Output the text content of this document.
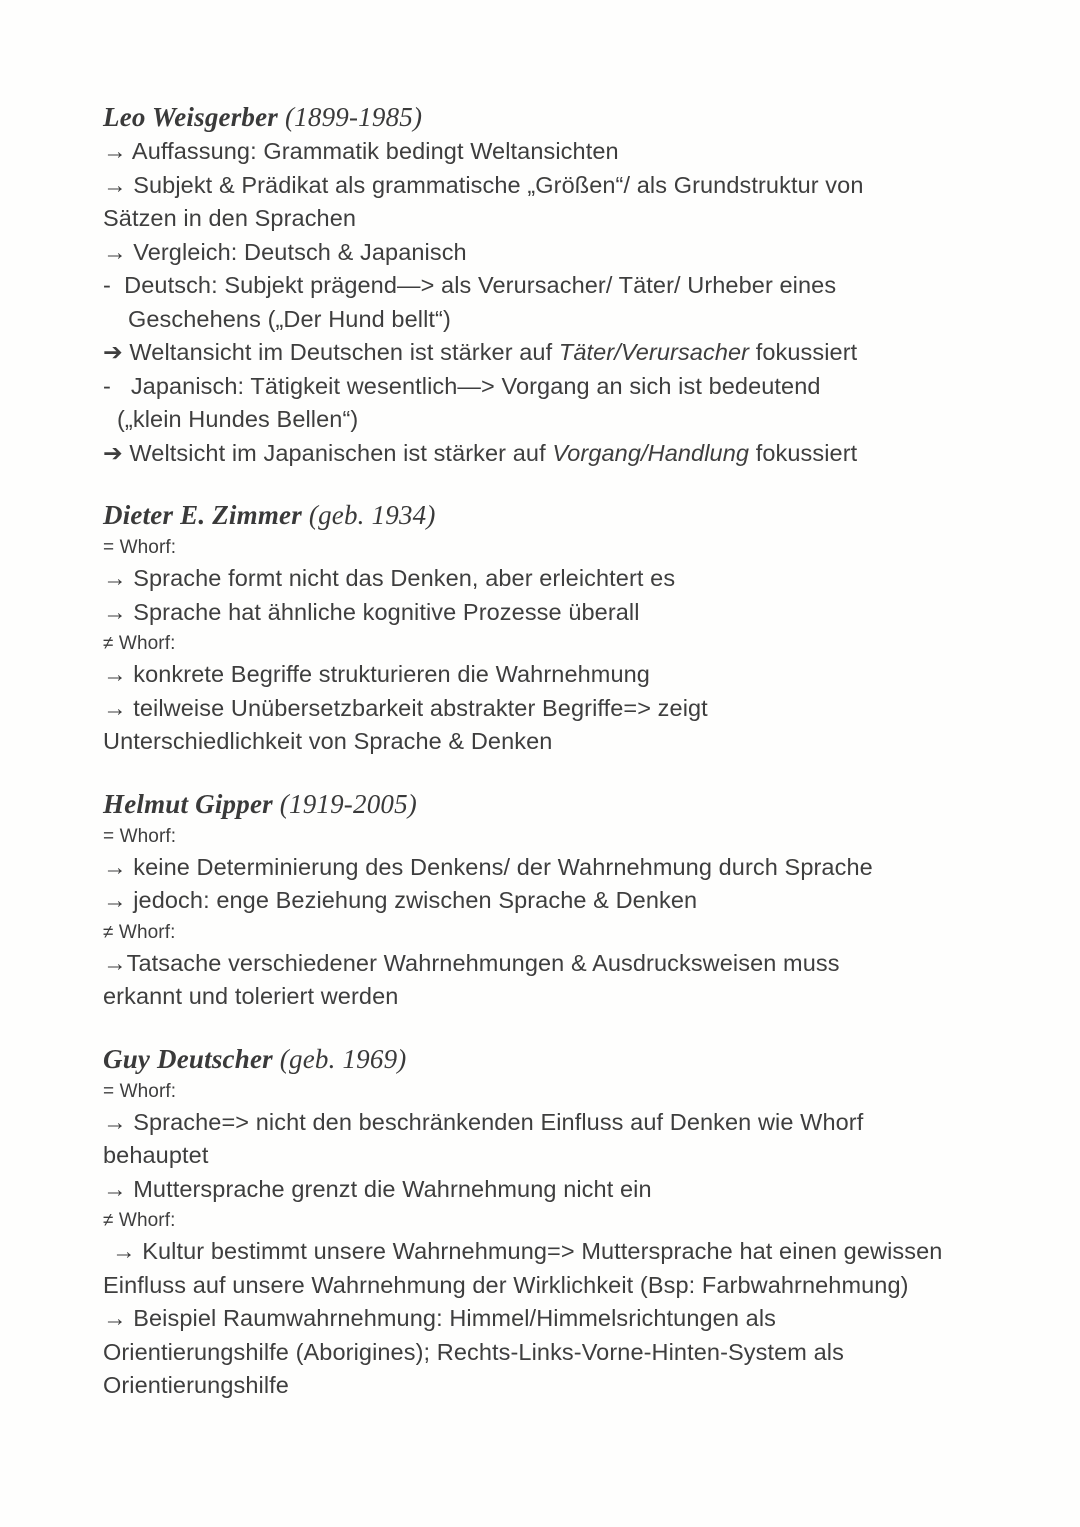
Leo Weisgerber (1899-1985)
→ Auffassung: Grammatik bedingt Weltansichten
→ Subjekt & Prädikat als grammatische „Größen“/ als Grundstruktur von
Sätzen in den Sprachen
→ Vergleich: Deutsch & Japanisch
-  Deutsch: Subjekt prägend—> als Verursacher/ Täter/ Urheber eines
Geschehens („Der Hund bellt“)
➔ Weltansicht im Deutschen ist stärker auf Täter/Verursacher fokussiert
-   Japanisch: Tätigkeit wesentlich—> Vorgang an sich ist bedeutend
(„klein Hundes Bellen“)
➔ Weltsicht im Japanischen ist stärker auf Vorgang/Handlung fokussiert
Dieter E. Zimmer (geb. 1934)
= Whorf:
→ Sprache formt nicht das Denken, aber erleichtert es
→ Sprache hat ähnliche kognitive Prozesse überall
≠ Whorf:
→ konkrete Begriffe strukturieren die Wahrnehmung
→ teilweise Unübersetzbarkeit abstrakter Begriffe=> zeigt
Unterschiedlichkeit von Sprache & Denken
Helmut Gipper (1919-2005)
= Whorf:
→ keine Determinierung des Denkens/ der Wahrnehmung durch Sprache
→ jedoch: enge Beziehung zwischen Sprache & Denken
≠ Whorf:
→Tatsache verschiedener Wahrnehmungen & Ausdrucksweisen muss
erkannt und toleriert werden
Guy Deutscher (geb. 1969)
= Whorf:
→ Sprache=> nicht den beschränkenden Einfluss auf Denken wie Whorf
behauptet
→ Muttersprache grenzt die Wahrnehmung nicht ein
≠ Whorf:
→ Kultur bestimmt unsere Wahrnehmung=> Muttersprache hat einen gewissen
Einfluss auf unsere Wahrnehmung der Wirklichkeit (Bsp: Farbwahrnehmung)
→ Beispiel Raumwahrnehmung: Himmel/Himmelsrichtungen als
Orientierungshilfe (Aborigines); Rechts-Links-Vorne-Hinten-System als
Orientierungshilfe
